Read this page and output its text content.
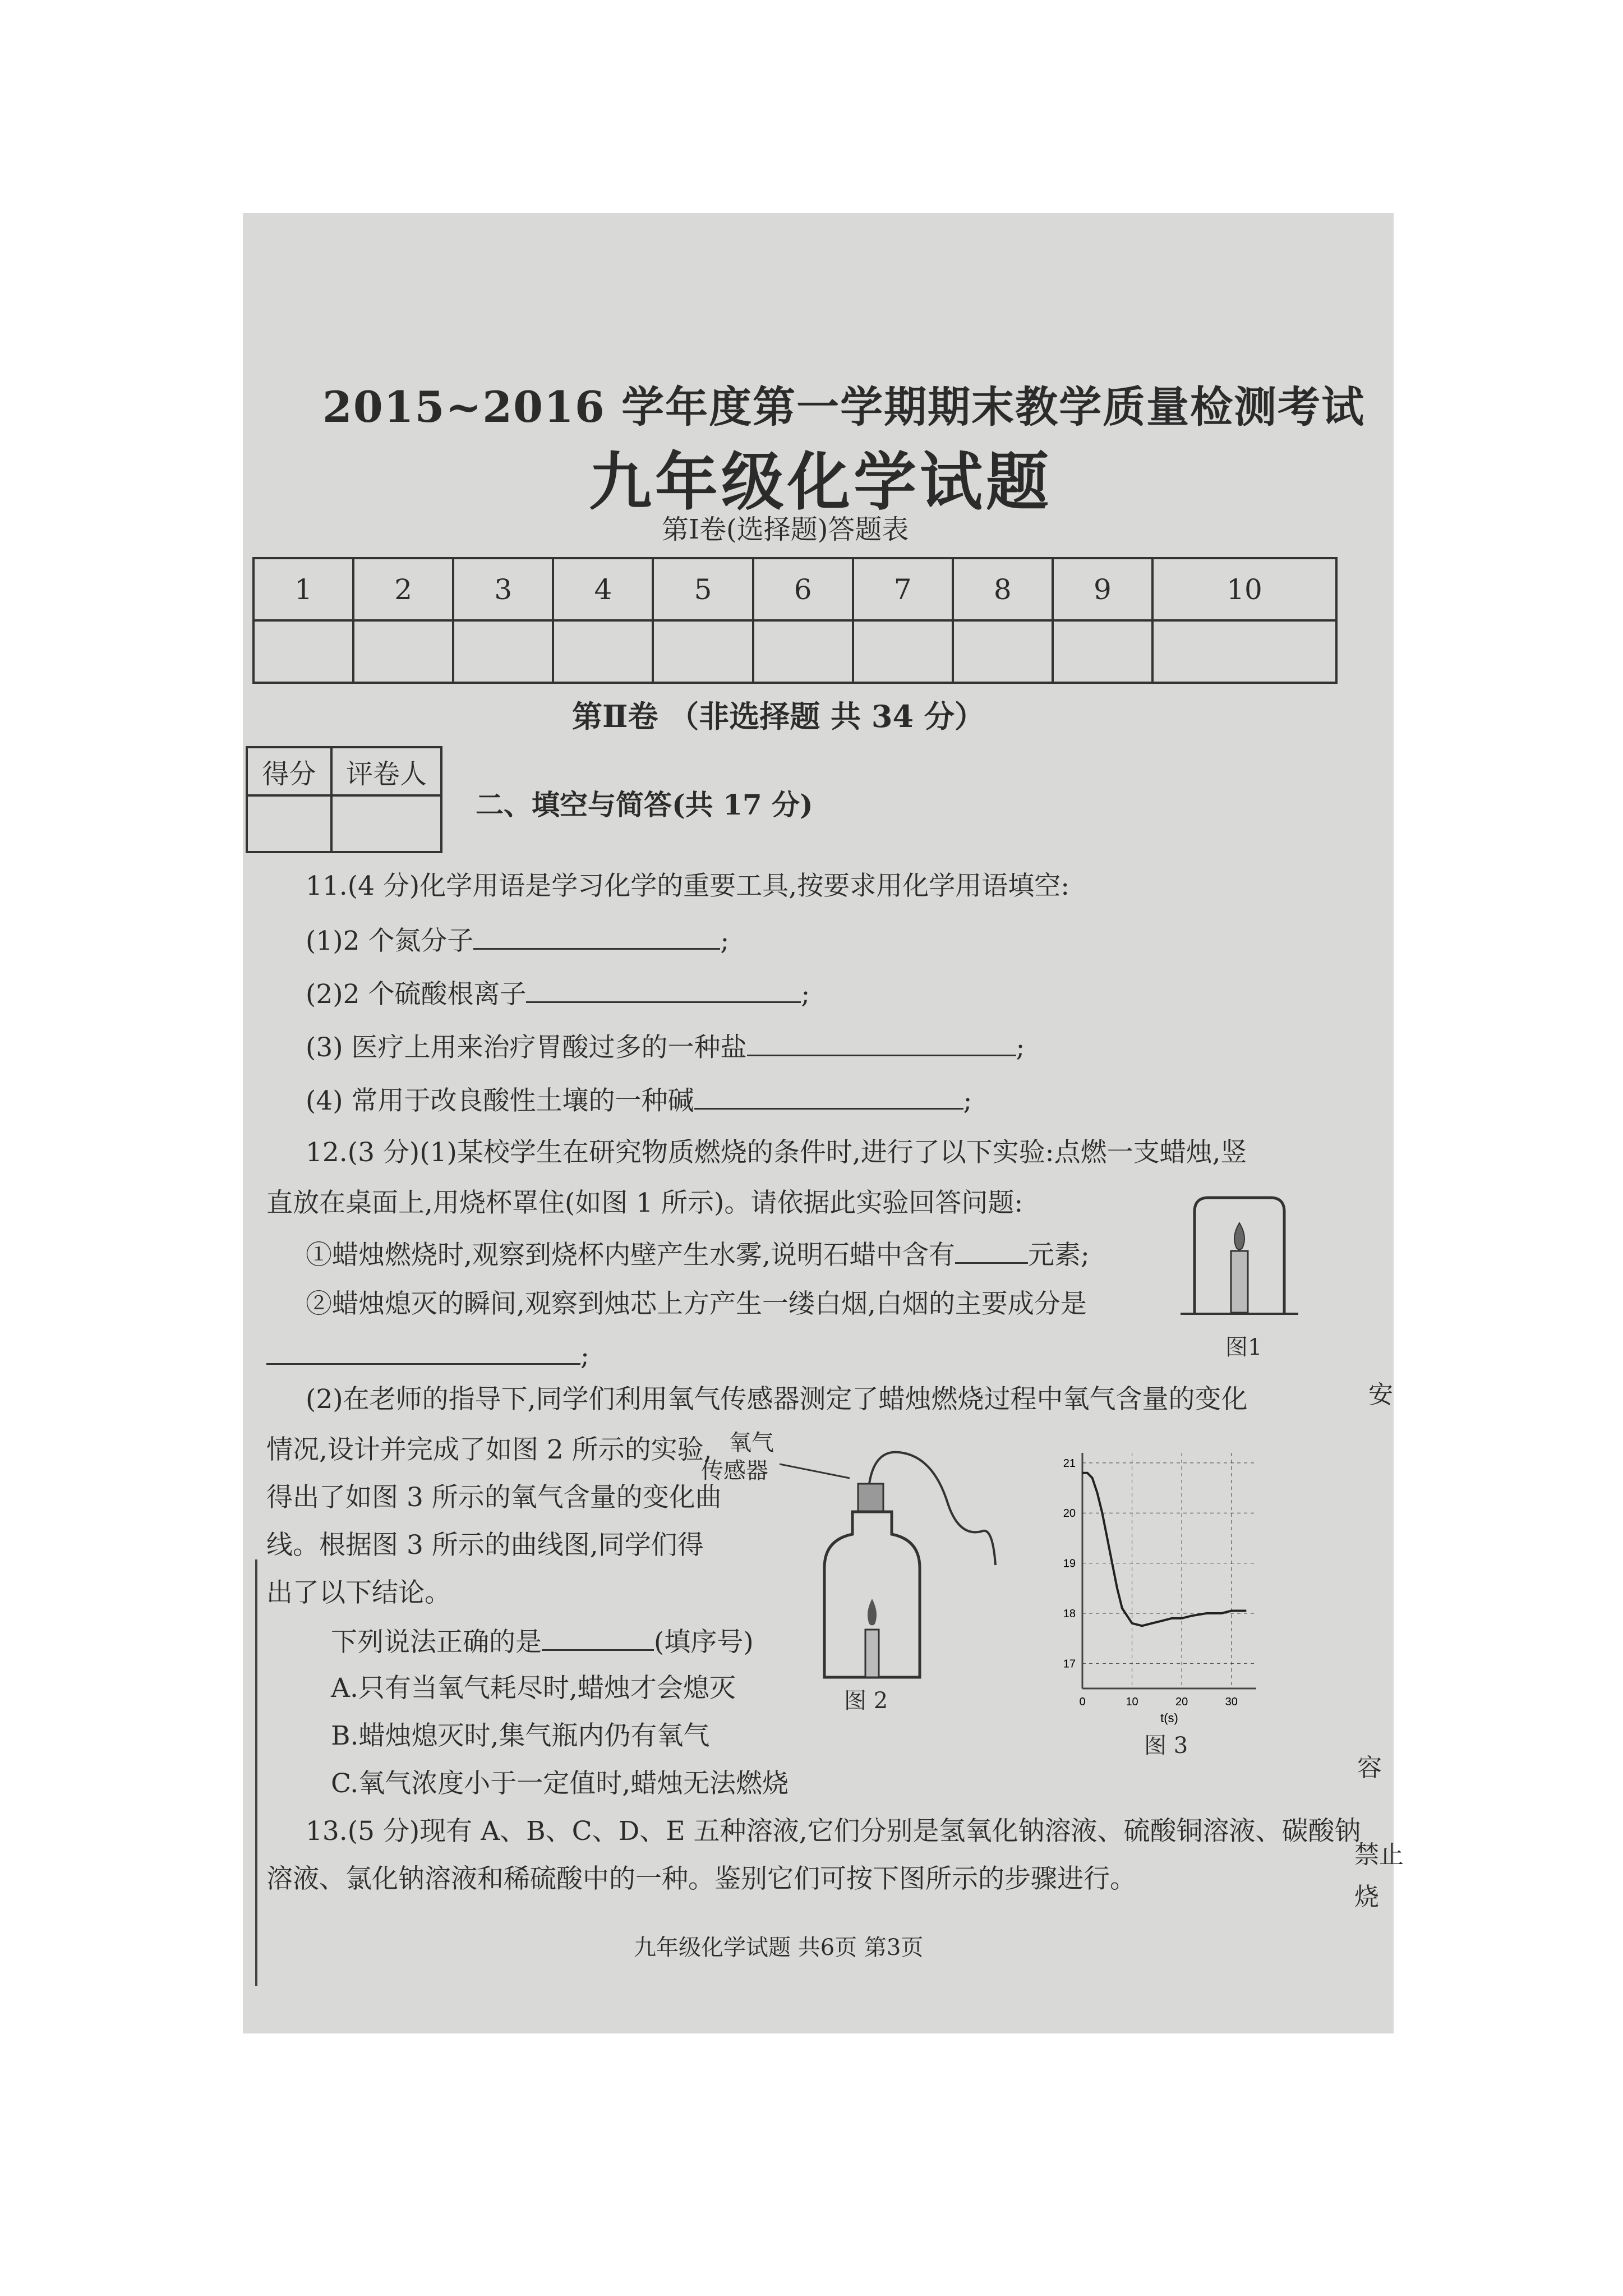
2015~2016 学年度第一学期期末教学质量检测考试
九年级化学试题
第Ⅰ卷(选择题)答题表
1	2	3	4	5	6	7	8	9	10

第Ⅱ卷 （非选择题 共 34 分）
得分	评卷人

二、填空与简答(共 17 分)
11.(4 分)化学用语是学习化学的重要工具,按要求用化学用语填空:
(1)2 个氮分子	;
(2)2 个硫酸根离子	;
(3) 医疗上用来治疗胃酸过多的一种盐	;
(4) 常用于改良酸性土壤的一种碱	;
12.(3 分)(1)某校学生在研究物质燃烧的条件时,进行了以下实验:点燃一支蜡烛,竖
直放在桌面上,用烧杯罩住(如图 1 所示)。请依据此实验回答问题:
①蜡烛燃烧时,观察到烧杯内壁产生水雾,说明石蜡中含有	元素;
②蜡烛熄灭的瞬间,观察到烛芯上方产生一缕白烟,白烟的主要成分是
;	图1
(2)在老师的指导下,同学们利用氧气传感器测定了蜡烛燃烧过程中氧气含量的变化
情况,设计并完成了如图 2 所示的实验,
得出了如图 3 所示的氧气含量的变化曲
线。根据图 3 所示的曲线图,同学们得
出了以下结论。
下列说法正确的是	(填序号)
A.只有当氧气耗尽时,蜡烛才会熄灭
B.蜡烛熄灭时,集气瓶内仍有氧气
C.氧气浓度小于一定值时,蜡烛无法燃烧
氧气
传感器
图 2
17
18
19
20
21
0	10	20	30
t(s)
图 3
13.(5 分)现有 A、B、C、D、E 五种溶液,它们分别是氢氧化钠溶液、硫酸铜溶液、碳酸钠
溶液、氯化钠溶液和稀硫酸中的一种。鉴别它们可按下图所示的步骤进行。
九年级化学试题 共6页 第3页
安
容
禁止
烧
